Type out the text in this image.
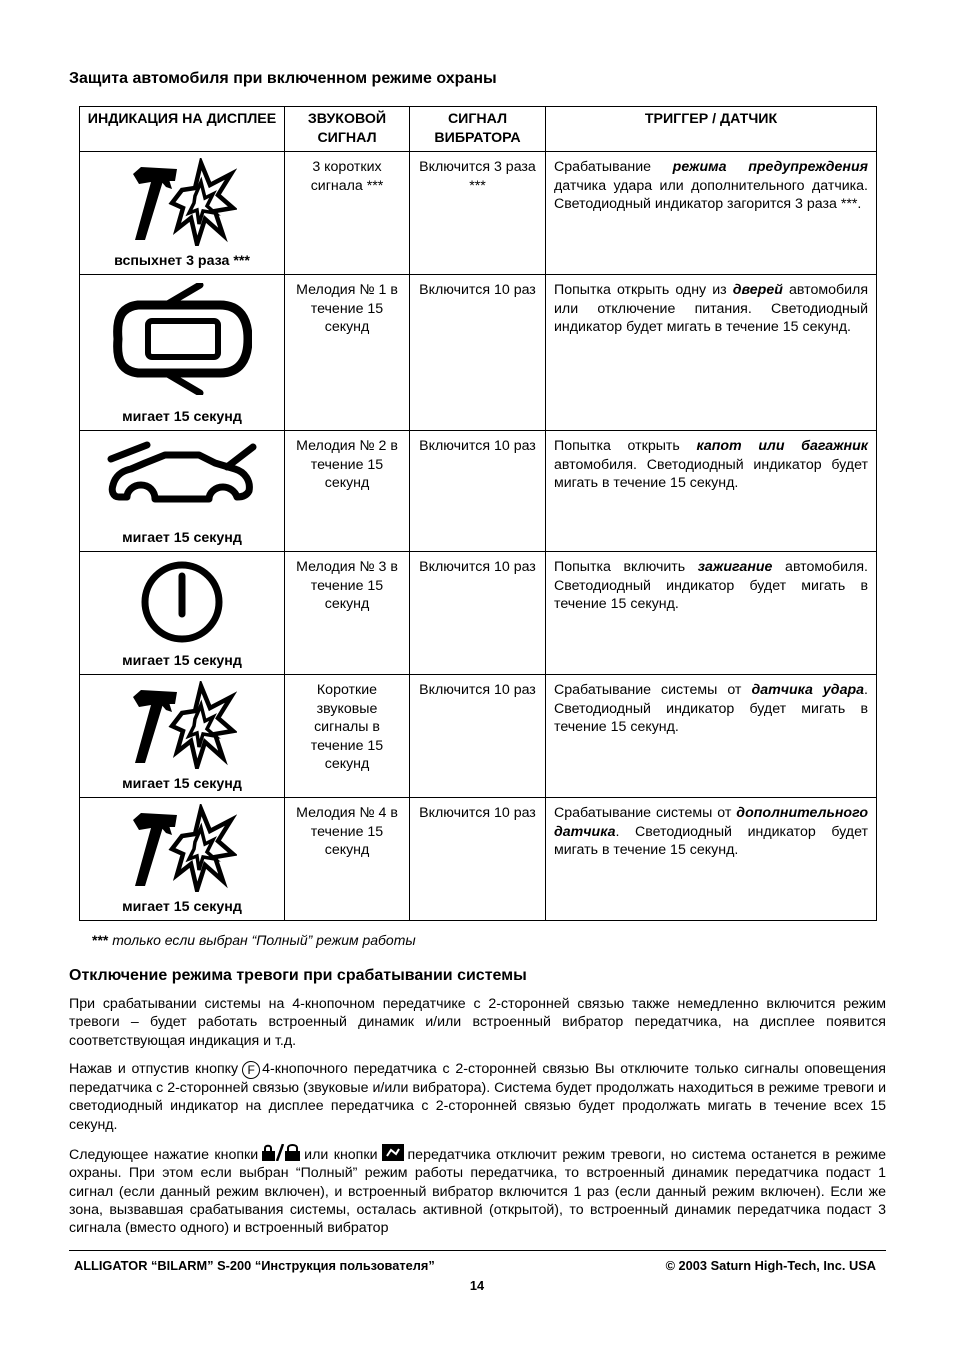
Защита автомобиля при включенном режиме охраны
ИНДИКАЦИЯ НА ДИСПЛЕЕ	ЗВУКОВОЙ СИГНАЛ	СИГНАЛ ВИБРАТОРА	ТРИГГЕР / ДАТЧИК

вспыхнет 3 раза ***	3 коротких сигнала ***	Включится 3 раза ***	Срабатывание режима предупреждения датчика удара или дополнительного датчика. Светодиодный индикатор загорится 3 раза ***.

мигает 15 секунд	Мелодия № 1 в течение 15 секунд	Включится 10 раз	Попытка открыть одну из дверей автомобиля или отключение питания. Светодиодный индикатор будет мигать в течение 15 секунд.

мигает 15 секунд	Мелодия № 2 в течение 15 секунд	Включится 10 раз	Попытка открыть капот или багажник автомобиля. Светодиодный индикатор будет мигать в течение 15 секунд.

мигает 15 секунд	Мелодия № 3 в течение 15 секунд	Включится 10 раз	Попытка включить зажигание автомобиля. Светодиодный индикатор будет мигать в течение 15 секунд.

мигает 15 секунд	Короткие звуковые сигналы в течение 15 секунд	Включится 10 раз	Срабатывание системы от датчика удара. Светодиодный индикатор будет мигать в течение 15 секунд.

мигает 15 секунд	Мелодия № 4 в течение 15 секунд	Включится 10 раз	Срабатывание системы от дополнительного датчика. Светодиодный индикатор будет мигать в течение 15 секунд.
*** только если выбран “Полный” режим работы
Отключение режима тревоги при срабатывании системы

При срабатывании системы на 4-кнопочном передатчике с 2-сторонней связью также немедленно включится режим тревоги – будет работать встроенный динамик и/или встроенный вибратор передатчика, на дисплее появится соответствующая индикация и т.д.

Нажав и отпустив кнопку F 4-кнопочного передатчика с 2-сторонней связью Вы отключите только сигналы оповещения передатчика с 2-сторонней связью (звуковые и/или вибратора). Система будет продолжать находиться в режиме тревоги и светодиодный индикатор на дисплее передатчика с 2-сторонней связью будет продолжать мигать в течение всех 15 секунд.

Следующее нажатие кнопки	или кнопки передатчика отключит режим тревоги, но система останется в режиме охраны. При этом если выбран “Полный” режим работы передатчика, то встроенный динамик передатчика подаст 1 сигнал (если данный режим включен), и встроенный вибратор включится 1 раз (если данный режим включен). Если же зона, вызвавшая срабатывания системы, осталась активной (открытой), то встроенный динамик передатчика подаст 3 сигнала (вместо одного) и встроенный вибратор

ALLIGATOR “BILARM” S-200 “Инструкция пользователя”	© 2003 Saturn High-Tech, Inc. USA
14
